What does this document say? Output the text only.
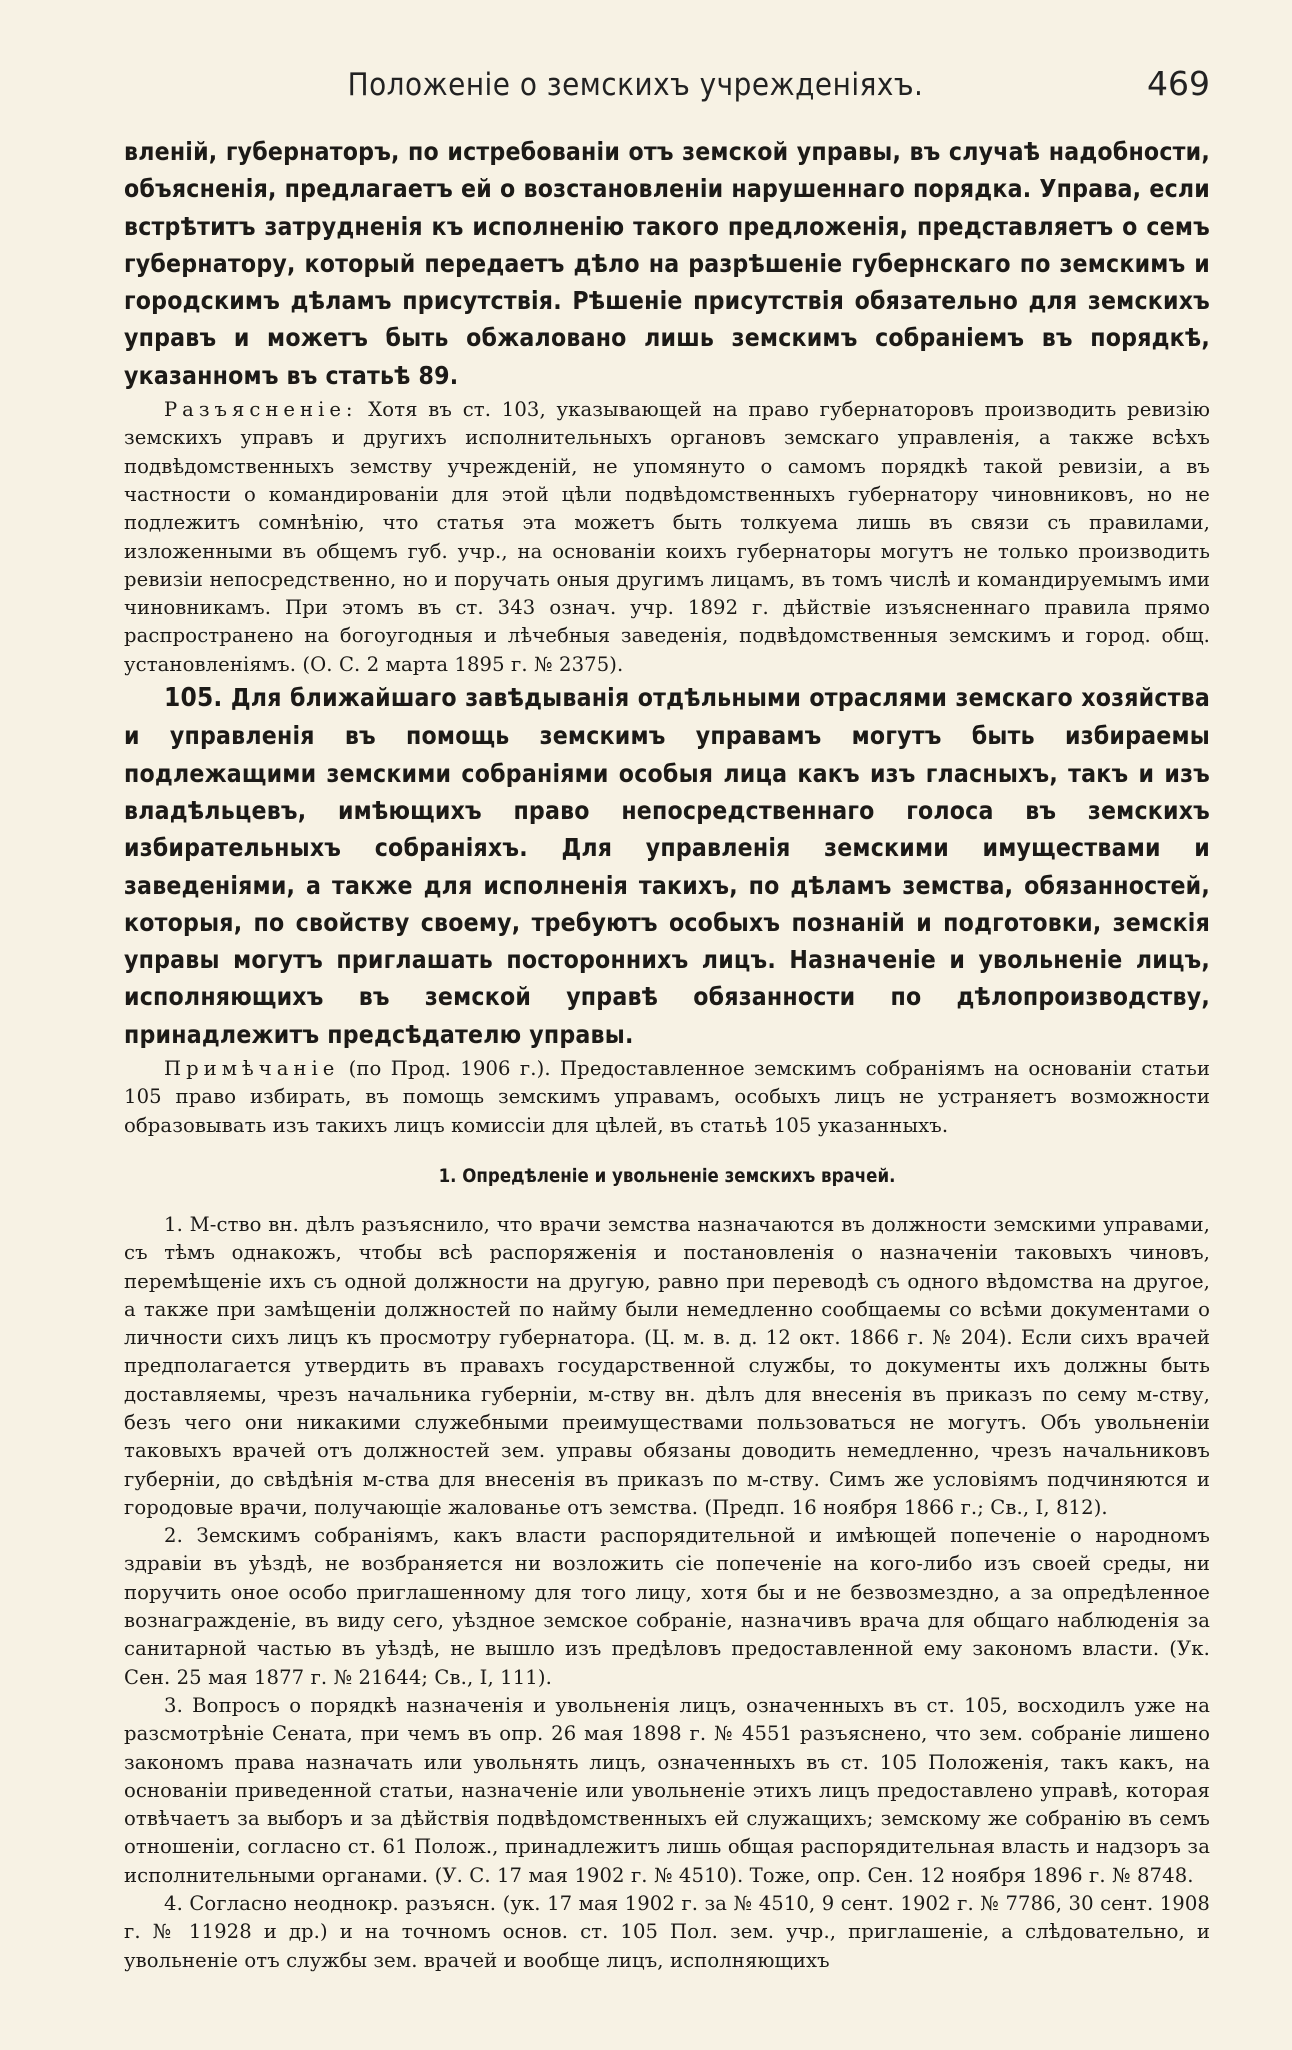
Положеніе о земскихъ учрежденіяхъ.	469

вленій, губернаторъ, по истребованіи отъ земской управы, въ случаѣ надобности, объясненія, предлагаетъ ей о возстановленіи нарушеннаго порядка. Управа, если встрѣтитъ затрудненія къ исполненію такого предложенія, представляетъ о семъ губернатору, который передаетъ дѣло на разрѣшеніе губернскаго по земскимъ и городскимъ дѣламъ присутствія. Рѣшеніе присутствія обязательно для земскихъ управъ и можетъ быть обжаловано лишь земскимъ собраніемъ въ порядкѣ, указанномъ въ статьѣ 89.

Разъясненіе: Хотя въ ст. 103, указывающей на право губернаторовъ производить ревизію земскихъ управъ и другихъ исполнительныхъ органовъ земскаго управленія, а также всѣхъ подвѣдомственныхъ земству учрежденій, не упомянуто о самомъ порядкѣ такой ревизіи, а въ частности о командированіи для этой цѣли подвѣдомственныхъ губернатору чиновниковъ, но не подлежитъ сомнѣнію, что статья эта можетъ быть толкуема лишь въ связи съ правилами, изложенными въ общемъ губ. учр., на основаніи коихъ губернаторы могутъ не только производить ревизіи непосредственно, но и поручать оныя другимъ лицамъ, въ томъ числѣ и командируемымъ ими чиновникамъ. При этомъ въ ст. 343 означ. учр. 1892 г. дѣйствіе изъясненнаго правила прямо распространено на богоугодныя и лѣчебныя заведенія, подвѣдомственныя земскимъ и город. общ. установленіямъ. (О. С. 2 марта 1895 г. № 2375).

105. Для ближайшаго завѣдыванія отдѣльными отраслями земскаго хозяйства и управленія въ помощь земскимъ управамъ могутъ быть избираемы подлежащими земскими собраніями особыя лица какъ изъ гласныхъ, такъ и изъ владѣльцевъ, имѣющихъ право непосредственнаго голоса въ земскихъ избирательныхъ собраніяхъ. Для управленія земскими имуществами и заведеніями, а также для исполненія такихъ, по дѣламъ земства, обязанностей, которыя, по свойству своему, требуютъ особыхъ познаній и подготовки, земскія управы могутъ приглашать постороннихъ лицъ. Назначеніе и увольненіе лицъ, исполняющихъ въ земской управѣ обязанности по дѣлопроизводству, принадлежитъ предсѣдателю управы.

Примѣчаніе (по Прод. 1906 г.). Предоставленное земскимъ собраніямъ на основаніи статьи 105 право избирать, въ помощь земскимъ управамъ, особыхъ лицъ не устраняетъ возможности образовывать изъ такихъ лицъ комиссіи для цѣлей, въ статьѣ 105 указанныхъ.

1. Опредѣленіе и увольненіе земскихъ врачей.

1. М-ство вн. дѣлъ разъяснило, что врачи земства назначаются въ должности земскими управами, съ тѣмъ однакожъ, чтобы всѣ распоряженія и постановленія о назначеніи таковыхъ чиновъ, перемѣщеніе ихъ съ одной должности на другую, равно при переводѣ съ одного вѣдомства на другое, а также при замѣщеніи должностей по найму были немедленно сообщаемы со всѣми документами о личности сихъ лицъ къ просмотру губернатора. (Ц. м. в. д. 12 окт. 1866 г. № 204). Если сихъ врачей предполагается утвердить въ правахъ государственной службы, то документы ихъ должны быть доставляемы, чрезъ начальника губерніи, м-ству вн. дѣлъ для внесенія въ приказъ по сему м-ству, безъ чего они никакими служебными преимуществами пользоваться не могутъ. Объ увольненіи таковыхъ врачей отъ должностей зем. управы обязаны доводить немедленно, чрезъ начальниковъ губерніи, до свѣдѣнія м-ства для внесенія въ приказъ по м-ству. Симъ же условіямъ подчиняются и городовые врачи, получающіе жалованье отъ земства. (Предп. 16 ноября 1866 г.; Св., I, 812).

2. Земскимъ собраніямъ, какъ власти распорядительной и имѣющей попеченіе о народномъ здравіи въ уѣздѣ, не возбраняется ни возложить сіе попеченіе на кого-либо изъ своей среды, ни поручить оное особо приглашенному для того лицу, хотя бы и не безвозмездно, а за опредѣленное вознагражденіе, въ виду сего, уѣздное земское собраніе, назначивъ врача для общаго наблюденія за санитарной частью въ уѣздѣ, не вышло изъ предѣловъ предоставленной ему закономъ власти. (Ук. Сен. 25 мая 1877 г. № 21644; Св., I, 111).

3. Вопросъ о порядкѣ назначенія и увольненія лицъ, означенныхъ въ ст. 105, восходилъ уже на разсмотрѣніе Сената, при чемъ въ опр. 26 мая 1898 г. № 4551 разъяснено, что зем. собраніе лишено закономъ права назначать или увольнять лицъ, означенныхъ въ ст. 105 Положенія, такъ какъ, на основаніи приведенной статьи, назначеніе или увольненіе этихъ лицъ предоставлено управѣ, которая отвѣчаетъ за выборъ и за дѣйствія подвѣдомственныхъ ей служащихъ; земскому же собранію въ семъ отношеніи, согласно ст. 61 Полож., принадлежитъ лишь общая распорядительная власть и надзоръ за исполнительными органами. (У. С. 17 мая 1902 г. № 4510). Тоже, опр. Сен. 12 ноября 1896 г. № 8748.

4. Согласно неоднокр. разъясн. (ук. 17 мая 1902 г. за № 4510, 9 сент. 1902 г. № 7786, 30 сент. 1908 г. № 11928 и др.) и на точномъ основ. ст. 105 Пол. зем. учр., приглашеніе, а слѣдовательно, и увольненіе отъ службы зем. врачей и вообще лицъ, исполняющихъ
